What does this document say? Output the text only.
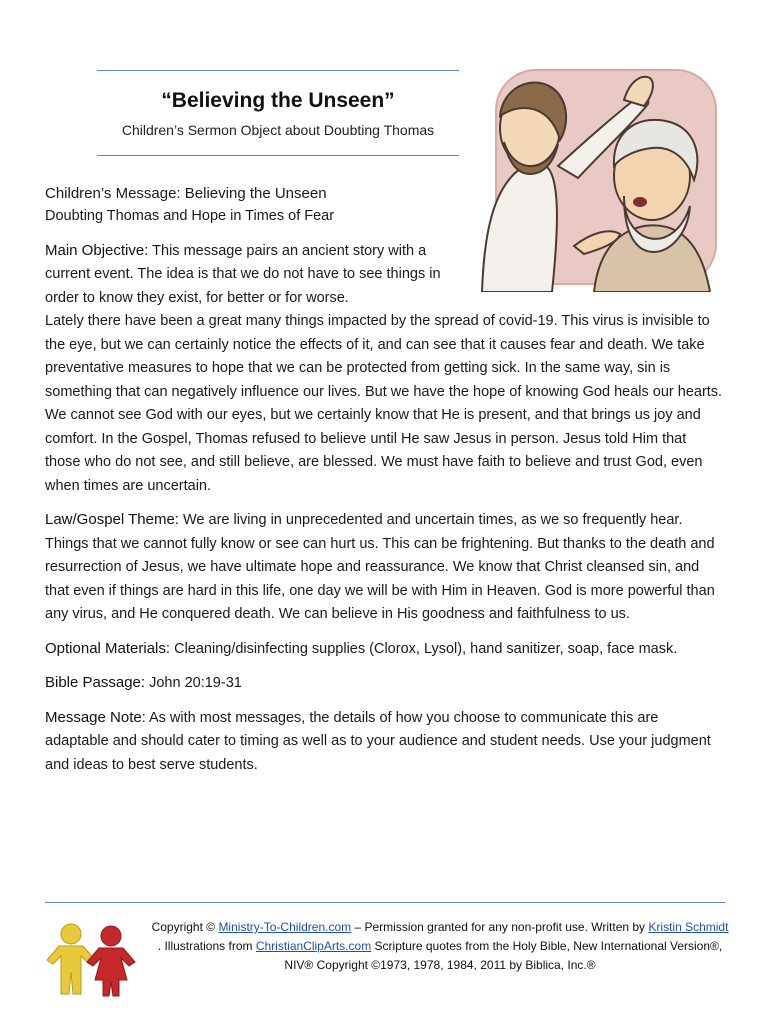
“Believing the Unseen”
Children’s Sermon Object about Doubting Thomas
Children’s Message: Believing the Unseen
Doubting Thomas and Hope in Times of Fear

Main Objective: This message pairs an ancient story with a current event. The idea is that we do not have to see things in order to know they exist, for better or for worse.
Lately there have been a great many things impacted by the spread of covid-19. This virus is invisible to the eye, but we can certainly notice the effects of it, and can see that it causes fear and death. We take preventative measures to hope that we can be protected from getting sick. In the same way, sin is something that can negatively influence our lives. But we have the hope of knowing God heals our hearts. We cannot see God with our eyes, but we certainly know that He is present, and that brings us joy and comfort. In the Gospel, Thomas refused to believe until He saw Jesus in person. Jesus told Him that those who do not see, and still believe, are blessed. We must have faith to believe and trust God, even when times are uncertain.

Law/Gospel Theme: We are living in unprecedented and uncertain times, as we so frequently hear. Things that we cannot fully know or see can hurt us. This can be frightening. But thanks to the death and resurrection of Jesus, we have ultimate hope and reassurance. We know that Christ cleansed sin, and that even if things are hard in this life, one day we will be with Him in Heaven. God is more powerful than any virus, and He conquered death. We can believe in His goodness and faithfulness to us.

Optional Materials: Cleaning/disinfecting supplies (Clorox, Lysol), hand sanitizer, soap, face mask.

Bible Passage: John 20:19-31

Message Note: As with most messages, the details of how you choose to communicate this are adaptable and should cater to timing as well as to your audience and student needs. Use your judgment and ideas to best serve students.

Copyright © Ministry-To-Children.com – Permission granted for any non-profit use. Written by Kristin Schmidt . Illustrations from ChristianClipArts.com Scripture quotes from the Holy Bible, New International Version®, NIV® Copyright ©1973, 1978, 1984, 2011 by Biblica, Inc.®
